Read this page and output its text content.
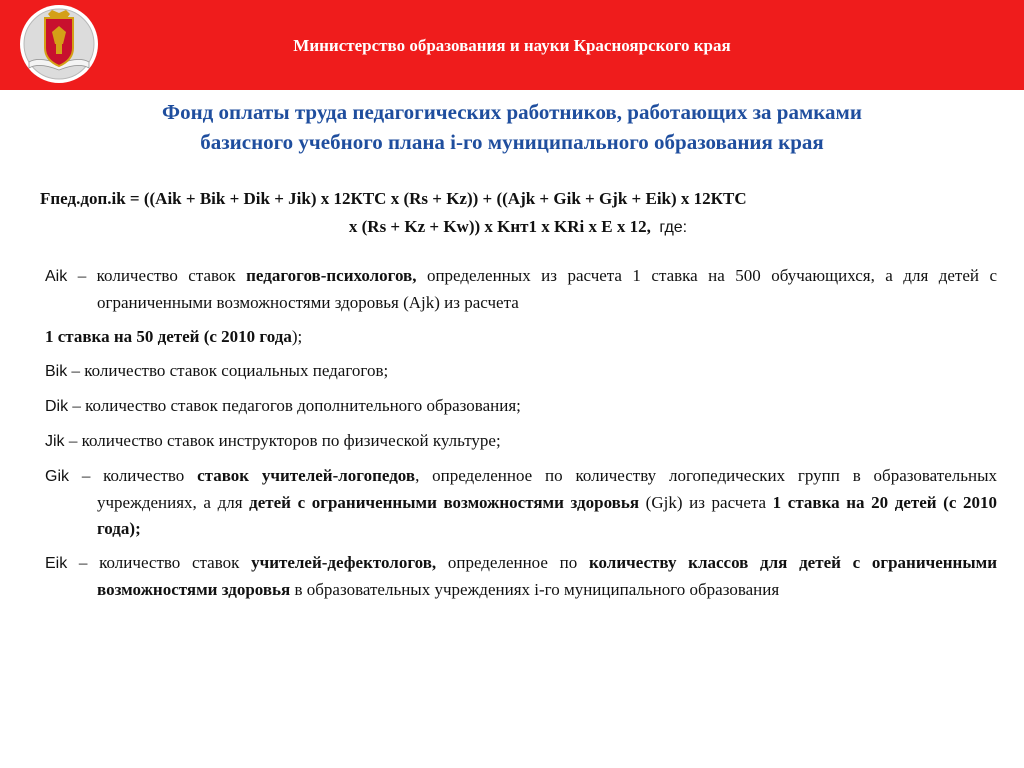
Министерство образования и науки Красноярского края
Фонд оплаты труда педагогических работников, работающих за рамками
базисного учебного плана i-го муниципального образования края
Fпед.доп.ik = ((Aik + Bik + Dik + Jik) x 12КТС х (Rs + Kz)) + ((Ajk + Gik + Gjk + Eik) x 12КТС
x (Rs + Kz + Kw)) x Kнт1 x KRi x E x 12, где:
Aik – количество ставок педагогов-психологов, определенных из расчета 1 ставка на 500 обучающихся, а для детей с ограниченными возможностями здоровья (Ajk) из расчета
1 ставка на 50 детей (с 2010 года);
Bik – количество ставок социальных педагогов;
Dik – количество ставок педагогов дополнительного образования;
Jik – количество ставок инструкторов по физической культуре;
Gik – количество ставок учителей-логопедов, определенное по количеству логопедических групп в образовательных учреждениях, а для детей с ограниченными возможностями здоровья (Gjk) из расчета 1 ставка на 20 детей (с 2010 года);
Eik – количество ставок учителей-дефектологов, определенное по количеству классов для детей с ограниченными возможностями здоровья в образовательных учреждениях i-го муниципального образования
